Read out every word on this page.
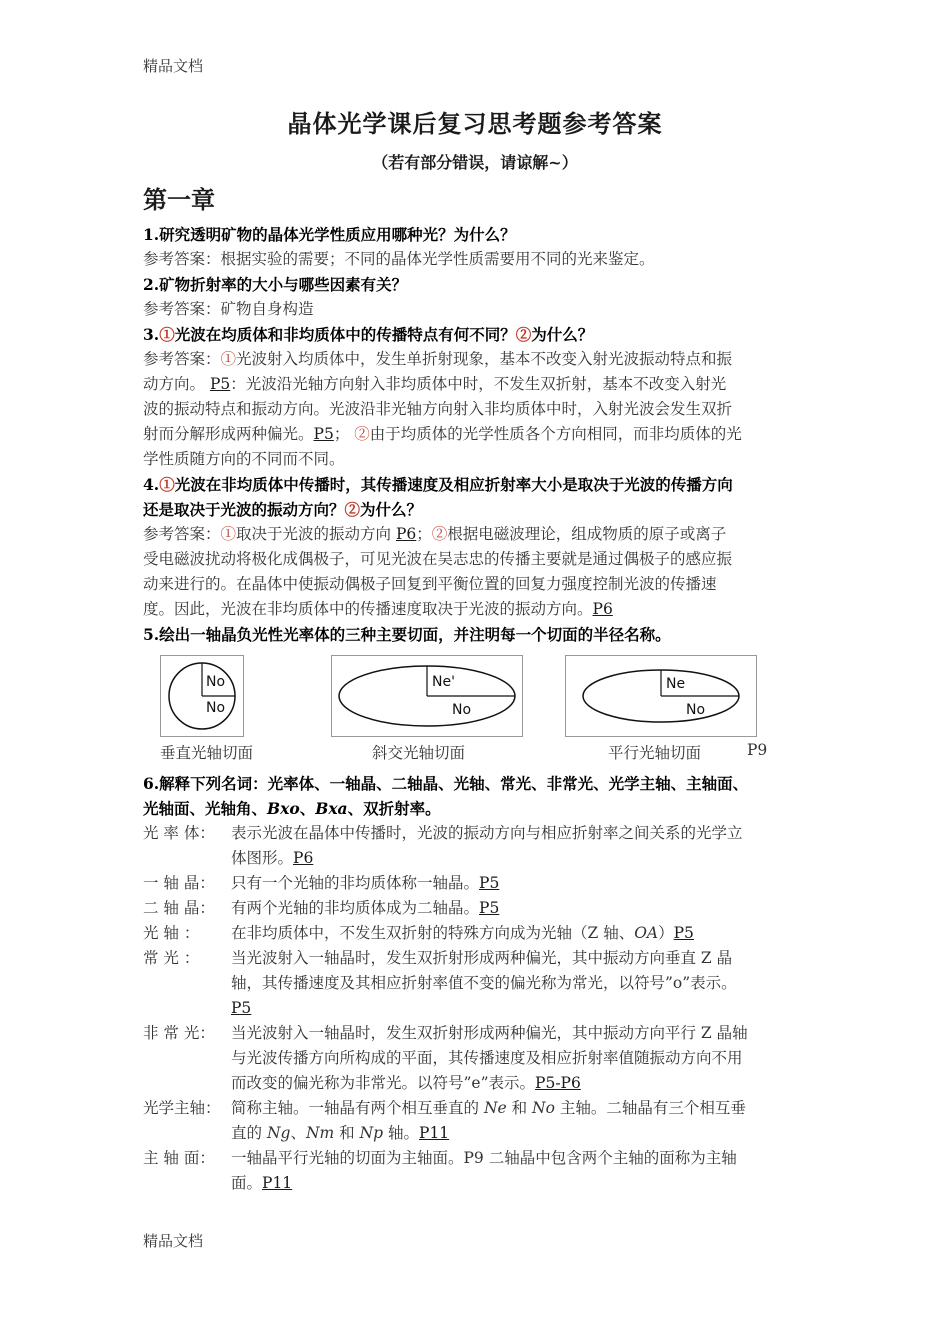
精品文档
晶体光学课后复习思考题参考答案
（若有部分错误，请谅解~）
第一章
1.研究透明矿物的晶体光学性质应用哪种光？为什么？
参考答案：根据实验的需要；不同的晶体光学性质需要用不同的光来鉴定。
2.矿物折射率的大小与哪些因素有关？
参考答案：矿物自身构造
3.①光波在均质体和非均质体中的传播特点有何不同？②为什么？
参考答案：①光波射入均质体中，发生单折射现象，基本不改变入射光波振动特点和振
动方向。 P5：光波沿光轴方向射入非均质体中时，不发生双折射，基本不改变入射光
波的振动特点和振动方向。光波沿非光轴方向射入非均质体中时，入射光波会发生双折
射而分解形成两种偏光。P5； ②由于均质体的光学性质各个方向相同，而非均质体的光
学性质随方向的不同而不同。
4.①光波在非均质体中传播时，其传播速度及相应折射率大小是取决于光波的传播方向
还是取决于光波的振动方向？②为什么？
参考答案：①取决于光波的振动方向 P6；②根据电磁波理论，组成物质的原子或离子
受电磁波扰动将极化成偶极子，可见光波在吴志忠的传播主要就是通过偶极子的感应振
动来进行的。在晶体中使振动偶极子回复到平衡位置的回复力强度控制光波的传播速
度。因此，光波在非均质体中的传播速度取决于光波的振动方向。P6
5.绘出一轴晶负光性光率体的三种主要切面，并注明每一个切面的半径名称。
No
No
Ne'
No
Ne
No
垂直光轴切面	斜交光轴切面	平行光轴切面	P9
6.解释下列名词：光率体、一轴晶、二轴晶、光轴、常光、非常光、光学主轴、主轴面、
光轴面、光轴角、Bxo、Bxa、双折射率。
光 率 体： 表示光波在晶体中传播时，光波的振动方向与相应折射率之间关系的光学立
体图形。P6
一 轴 晶： 只有一个光轴的非均质体称一轴晶。P5
二 轴 晶： 有两个光轴的非均质体成为二轴晶。P5
光 轴 ： 在非均质体中，不发生双折射的特殊方向成为光轴（Z 轴、OA）P5
常 光 ： 当光波射入一轴晶时，发生双折射形成两种偏光，其中振动方向垂直 Z 晶
轴，其传播速度及其相应折射率值不变的偏光称为常光，以符号”o”表示。
P5
非 常 光： 当光波射入一轴晶时，发生双折射形成两种偏光，其中振动方向平行 Z 晶轴
与光波传播方向所构成的平面，其传播速度及相应折射率值随振动方向不用
而改变的偏光称为非常光。以符号”e”表示。P5-P6
光学主轴： 简称主轴。一轴晶有两个相互垂直的 Ne 和 No 主轴。二轴晶有三个相互垂
直的 Ng、Nm 和 Np 轴。P11
主 轴 面： 一轴晶平行光轴的切面为主轴面。P9 二轴晶中包含两个主轴的面称为主轴
面。P11
精品文档
